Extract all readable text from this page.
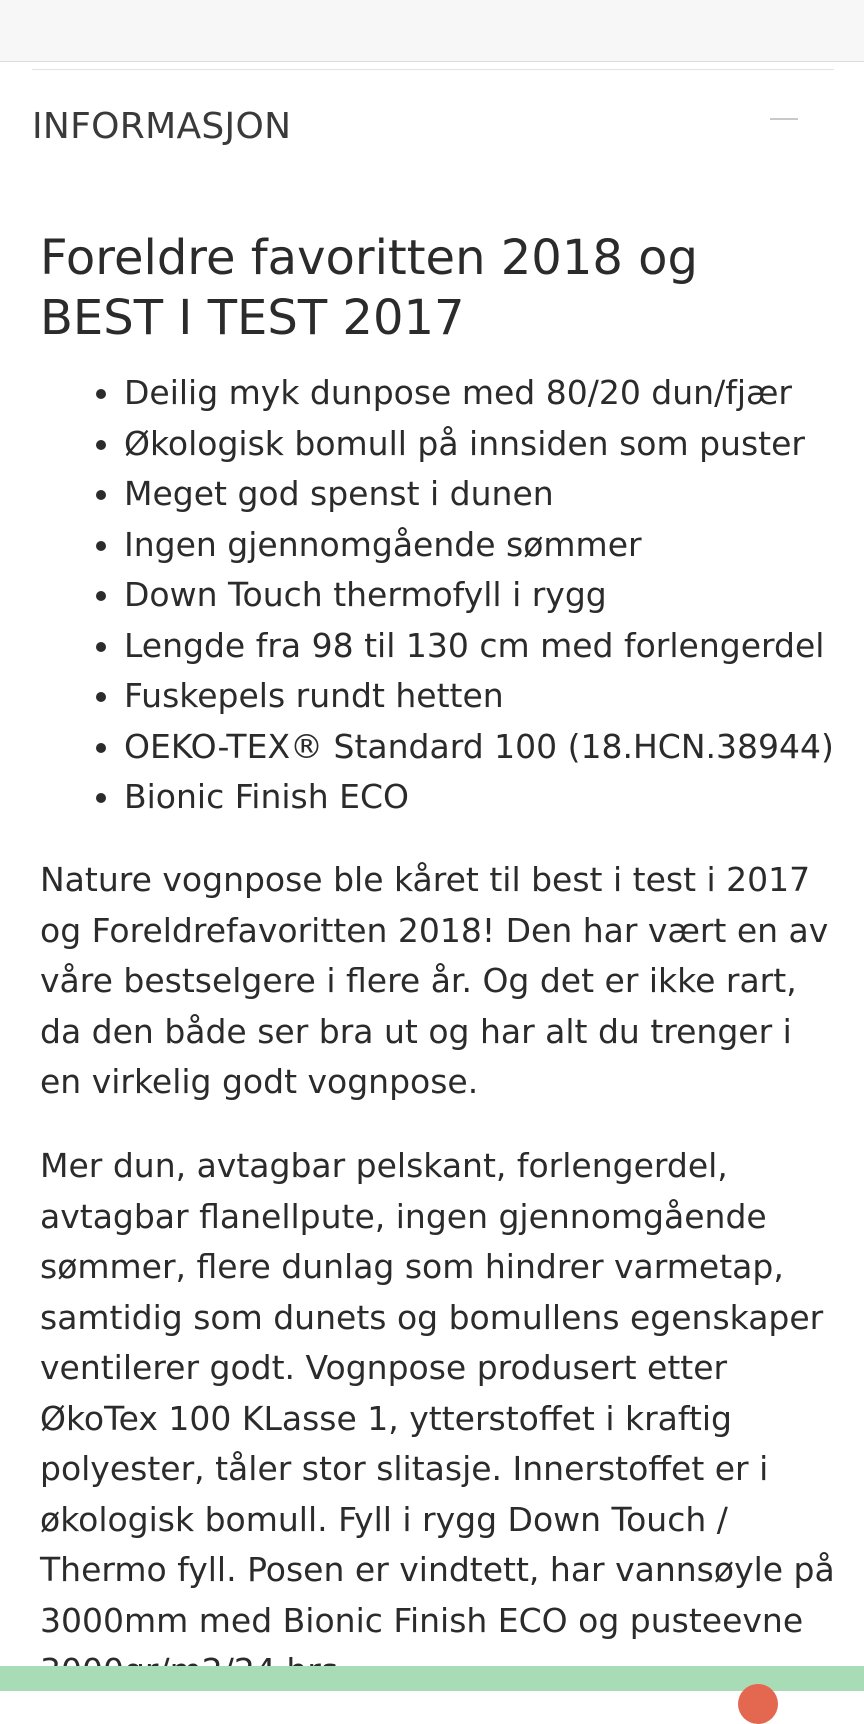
INFORMASJON
Foreldre favoritten 2018 og BEST I TEST 2017
Deilig myk dunpose med 80/20 dun/fjær
Økologisk bomull på innsiden som puster
Meget god spenst i dunen
Ingen gjennomgående sømmer
Down Touch thermofyll i rygg
Lengde fra 98 til 130 cm med forlengerdel
Fuskepels rundt hetten
OEKO-TEX® Standard 100 (18.HCN.38944)
Bionic Finish ECO

Nature vognpose ble kåret til best i test i 2017 og Foreldrefavoritten 2018! Den har vært en av våre bestselgere i flere år. Og det er ikke rart, da den både ser bra ut og har alt du trenger i en virkelig godt vognpose.

Mer dun, avtagbar pelskant, forlengerdel, avtagbar flanellpute, ingen gjennomgående sømmer, flere dunlag som hindrer varmetap, samtidig som dunets og bomullens egenskaper ventilerer godt. Vognpose produsert etter ØkoTex 100 KLasse 1, ytterstoffet i kraftig polyester, tåler stor slitasje. Innerstoffet er i økologisk bomull. Fyll i rygg Down Touch / Thermo fyll. Posen er vindtett, har vannsøyle på 3000mm med Bionic Finish ECO og pusteevne
